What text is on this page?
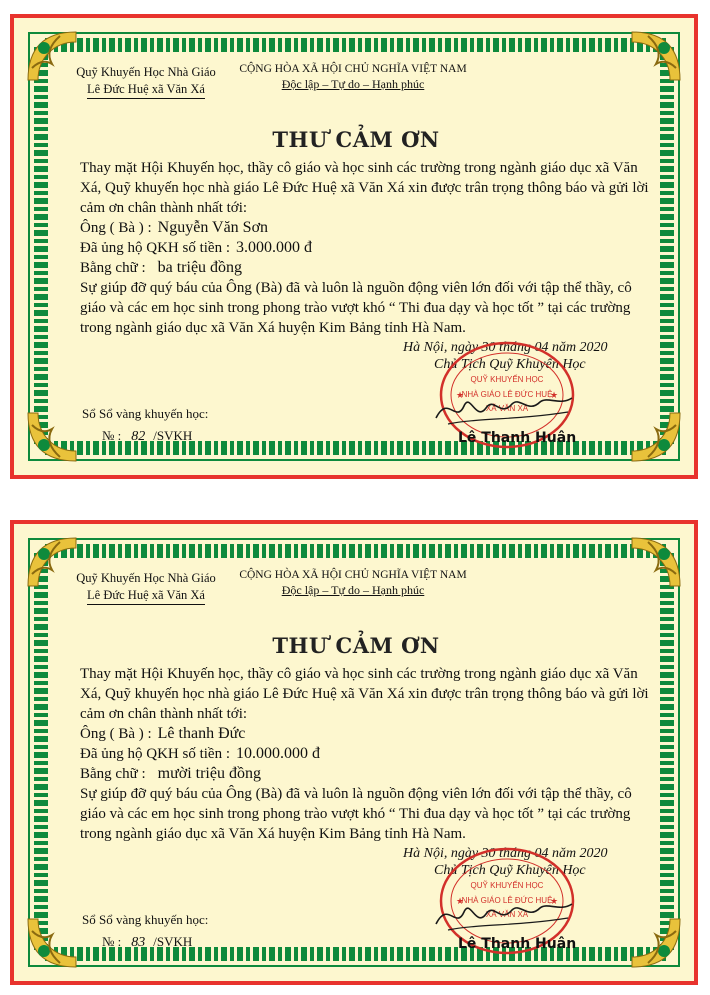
Quỹ Khuyến Học Nhà Giáo
Lê Đức Huệ xã Văn Xá
CỘNG HÒA XÃ HỘI CHỦ NGHĨA VIỆT NAM
Độc lập – Tự do – Hạnh phúc
THƯ CẢM ƠN

Thay mặt Hội Khuyến học, thầy cô giáo và học sinh các trường trong ngành giáo dục xã Văn Xá, Quỹ khuyến học nhà giáo Lê Đức Huệ xã Văn Xá xin được trân trọng thông báo và gửi lời cảm ơn chân thành nhất tới:

Ông ( Bà ) : Nguyễn Văn Sơn

Đã ủng hộ QKH số tiền : 3.000.000 đ

Bằng chữ : ba triệu đồng

Sự giúp đỡ quý báu của Ông (Bà) đã và luôn là nguồn động viên lớn đối với tập thể thầy, cô giáo và các em học sinh trong phong trào vượt khó “ Thi đua dạy và học tốt ” tại các trường trong ngành giáo dục xã Văn Xá huyện Kim Bảng tỉnh Hà Nam.

Hà Nội, ngày 30 tháng 04 năm 2020
Chủ Tịch Quỹ Khuyến Học
QUỸ KHUYẾN HỌC
NHÀ GIÁO LÊ ĐỨC HUỆ
XÃ VĂN XÁ
★	★
Sổ Sổ vàng khuyến học:
№ : 82 /SVKH	Lê Thanh Huân
Quỹ Khuyến Học Nhà Giáo
Lê Đức Huệ xã Văn Xá
CỘNG HÒA XÃ HỘI CHỦ NGHĨA VIỆT NAM
Độc lập – Tự do – Hạnh phúc
THƯ CẢM ƠN

Thay mặt Hội Khuyến học, thầy cô giáo và học sinh các trường trong ngành giáo dục xã Văn Xá, Quỹ khuyến học nhà giáo Lê Đức Huệ xã Văn Xá xin được trân trọng thông báo và gửi lời cảm ơn chân thành nhất tới:

Ông ( Bà ) : Lê thanh Đức

Đã ủng hộ QKH số tiền : 10.000.000 đ

Bằng chữ : mười triệu đồng

Sự giúp đỡ quý báu của Ông (Bà) đã và luôn là nguồn động viên lớn đối với tập thể thầy, cô giáo và các em học sinh trong phong trào vượt khó “ Thi đua dạy và học tốt ” tại các trường trong ngành giáo dục xã Văn Xá huyện Kim Bảng tỉnh Hà Nam.

Hà Nội, ngày 30 tháng 04 năm 2020
Chủ Tịch Quỹ Khuyến Học
QUỸ KHUYẾN HỌC
NHÀ GIÁO LÊ ĐỨC HUỆ
XÃ VĂN XÁ
★	★
Sổ Sổ vàng khuyến học:
№ : 83 /SVKH	Lê Thanh Huân
